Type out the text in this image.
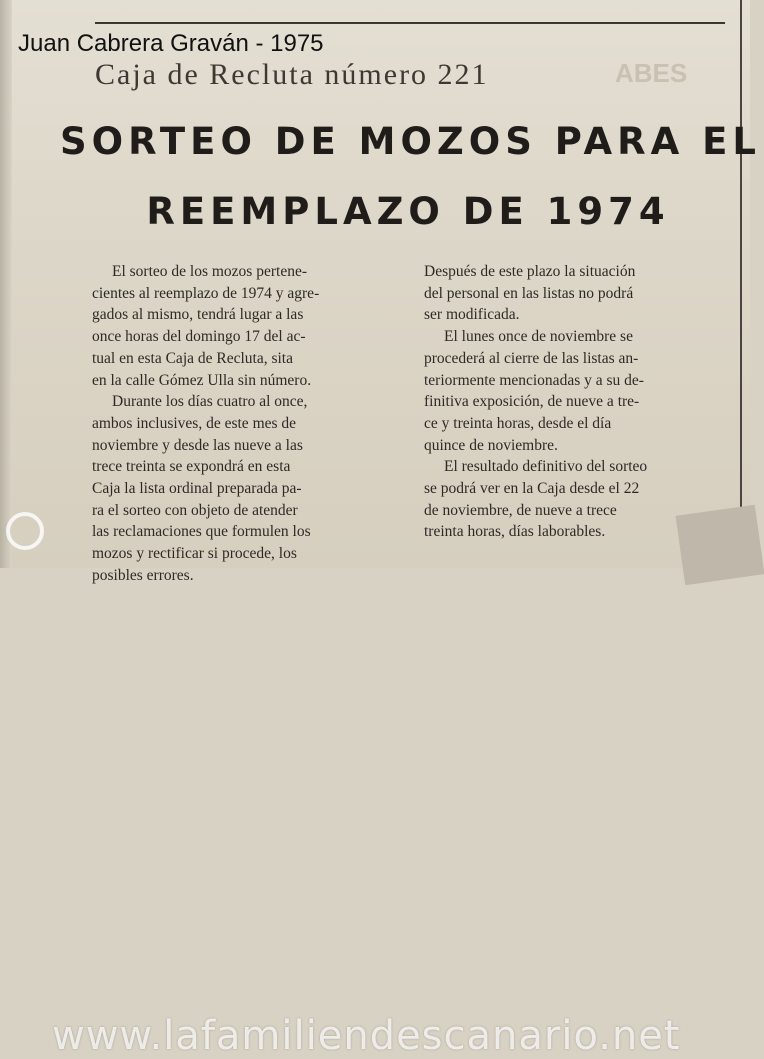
Juan Cabrera Graván - 1975
Caja de Recluta número 221	ABES
SORTEO DE MOZOS PARA EL
REEMPLAZO DE 1974
El sorteo de los mozos pertene-
cientes al reemplazo de 1974 y agre-
gados al mismo, tendrá lugar a las
once horas del domingo 17 del ac-
tual en esta Caja de Recluta, sita
en la calle Gómez Ulla sin número.
Durante los días cuatro al once,
ambos inclusives, de este mes de
noviembre y desde las nueve a las
trece treinta se expondrá en esta
Caja la lista ordinal preparada pa-
ra el sorteo con objeto de atender
las reclamaciones que formulen los
mozos y rectificar si procede, los
posibles errores.
Después de este plazo la situación
del personal en las listas no podrá
ser modificada.
El lunes once de noviembre se
procederá al cierre de las listas an-
teriormente mencionadas y a su de-
finitiva exposición, de nueve a tre-
ce y treinta horas, desde el día
quince de noviembre.
El resultado definitivo del sorteo
se podrá ver en la Caja desde el 22
de noviembre, de nueve a trece
treinta horas, días laborables.
www.lafamiliendescanario.net
